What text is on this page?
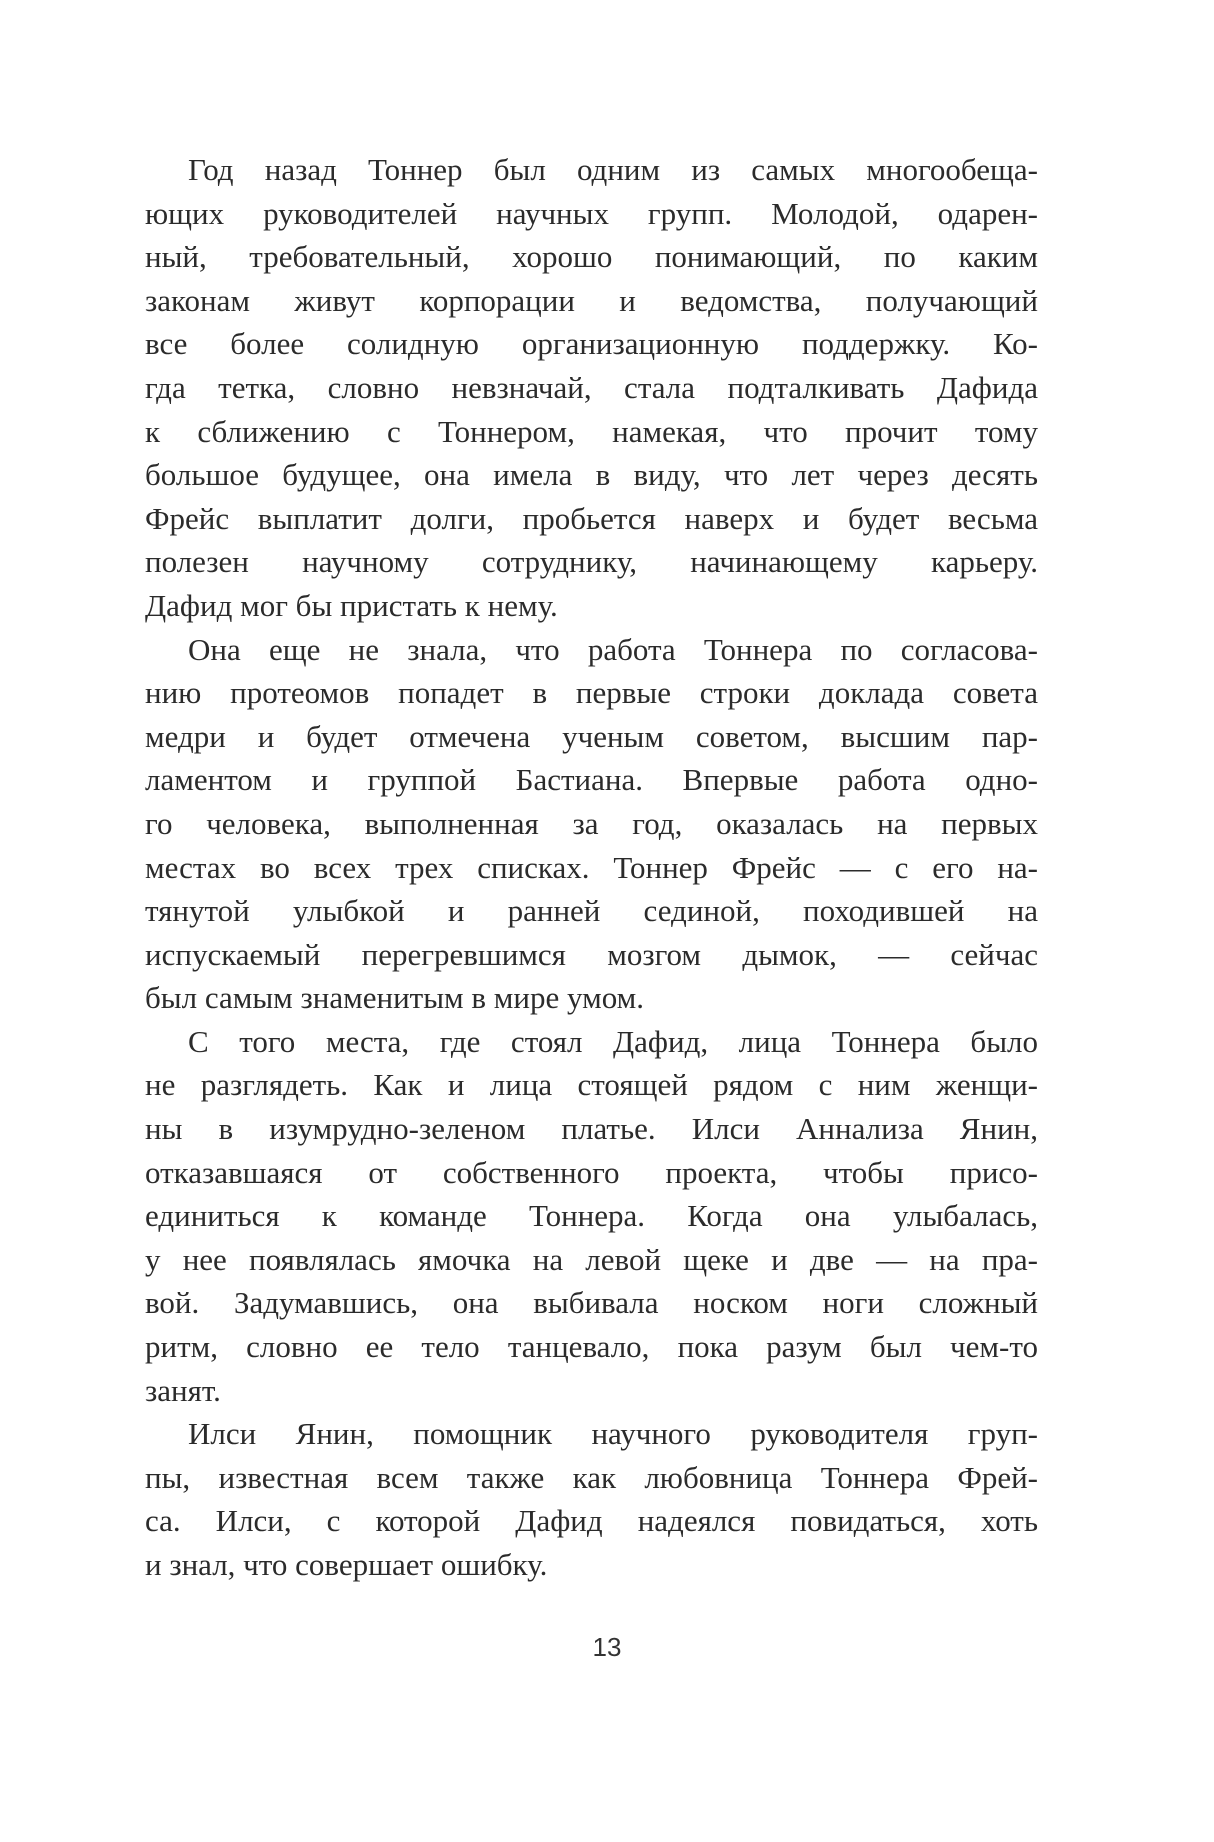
Год назад Тоннер был одним из самых многообеща-
ющих руководителей научных групп. Молодой, одарен-
ный, требовательный, хорошо понимающий, по каким
законам живут корпорации и ведомства, получающий
все более солидную организационную поддержку. Ко-
гда тетка, словно невзначай, стала подталкивать Дафида
к сближению с Тоннером, намекая, что прочит тому
большое будущее, она имела в виду, что лет через десять
Фрейс выплатит долги, пробьется наверх и будет весьма
полезен научному сотруднику, начинающему карьеру.
Дафид мог бы пристать к нему.
Она еще не знала, что работа Тоннера по согласова-
нию протеомов попадет в первые строки доклада совета
медри и будет отмечена ученым советом, высшим пар-
ламентом и группой Бастиана. Впервые работа одно-
го человека, выполненная за год, оказалась на первых
местах во всех трех списках. Тоннер Фрейс — с его на-
тянутой улыбкой и ранней сединой, походившей на
испускаемый перегревшимся мозгом дымок, — сейчас
был самым знаменитым в мире умом.
С того места, где стоял Дафид, лица Тоннера было
не разглядеть. Как и лица стоящей рядом с ним женщи-
ны в изумрудно-зеленом платье. Илси Аннализа Янин,
отказавшаяся от собственного проекта, чтобы присо-
единиться к команде Тоннера. Когда она улыбалась,
у нее появлялась ямочка на левой щеке и две — на пра-
вой. Задумавшись, она выбивала носком ноги сложный
ритм, словно ее тело танцевало, пока разум был чем-то
занят.
Илси Янин, помощник научного руководителя груп-
пы, известная всем также как любовница Тоннера Фрей-
са. Илси, с которой Дафид надеялся повидаться, хоть
и знал, что совершает ошибку.
13
